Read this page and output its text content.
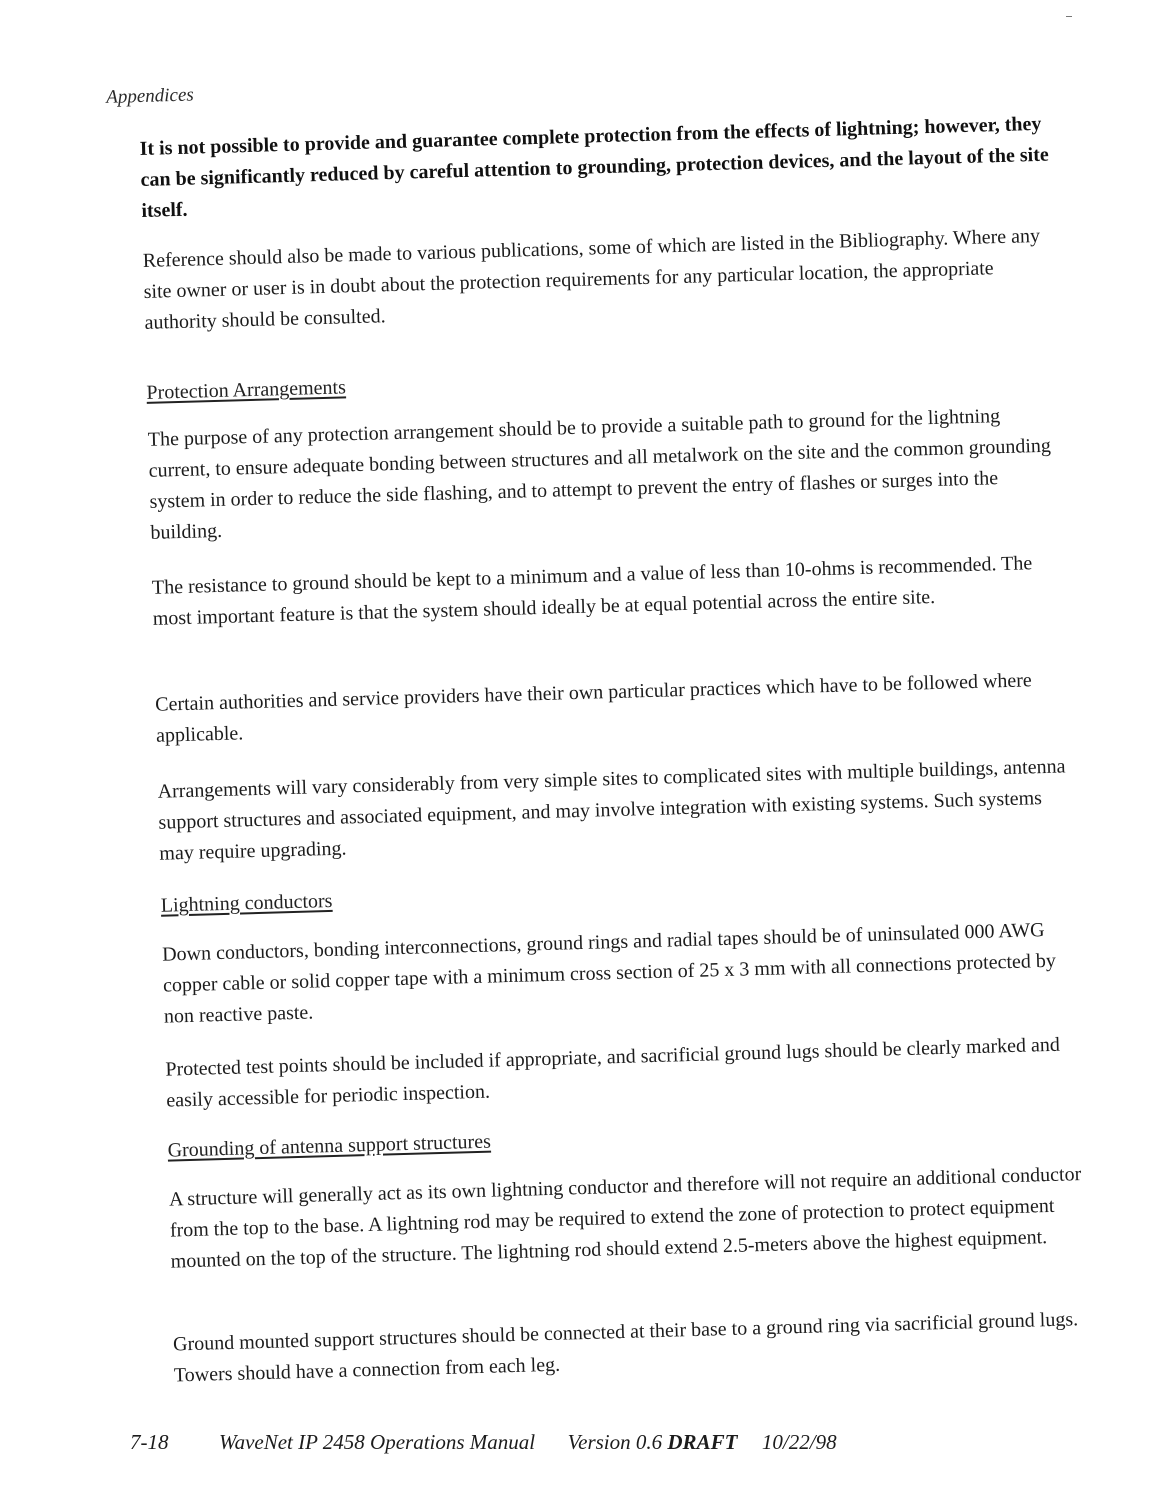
Appendices
It is not possible to provide and guarantee complete protection from the effects of lightning; however, they can be significantly reduced by careful attention to grounding, protection devices, and the layout of the site itself.
Reference should also be made to various publications, some of which are listed in the Bibliography. Where any site owner or user is in doubt about the protection requirements for any particular location, the appropriate authority should be consulted.
Protection Arrangements
The purpose of any protection arrangement should be to provide a suitable path to ground for the lightning current, to ensure adequate bonding between structures and all metalwork on the site and the common grounding system in order to reduce the side flashing, and to attempt to prevent the entry of flashes or surges into the building.
The resistance to ground should be kept to a minimum and a value of less than 10-ohms is recommended. The most important feature is that the system should ideally be at equal potential across the entire site.
Certain authorities and service providers have their own particular practices which have to be followed where applicable.
Arrangements will vary considerably from very simple sites to complicated sites with multiple buildings, antenna support structures and associated equipment, and may involve integration with existing systems. Such systems may require upgrading.
Lightning conductors
Down conductors, bonding interconnections, ground rings and radial tapes should be of uninsulated 000 AWG copper cable or solid copper tape with a minimum cross section of 25 x 3 mm with all connections protected by non reactive paste.
Protected test points should be included if appropriate, and sacrificial ground lugs should be clearly marked and easily accessible for periodic inspection.
Grounding of antenna support structures
A structure will generally act as its own lightning conductor and therefore will not require an additional conductor from the top to the base. A lightning rod may be required to extend the zone of protection to protect equipment mounted on the top of the structure. The lightning rod should extend 2.5-meters above the highest equipment.
Ground mounted support structures should be connected at their base to a ground ring via sacrificial ground lugs. Towers should have a connection from each leg.
7-18 WaveNet IP 2458 Operations Manual Version 0.6 DRAFT 10/22/98
